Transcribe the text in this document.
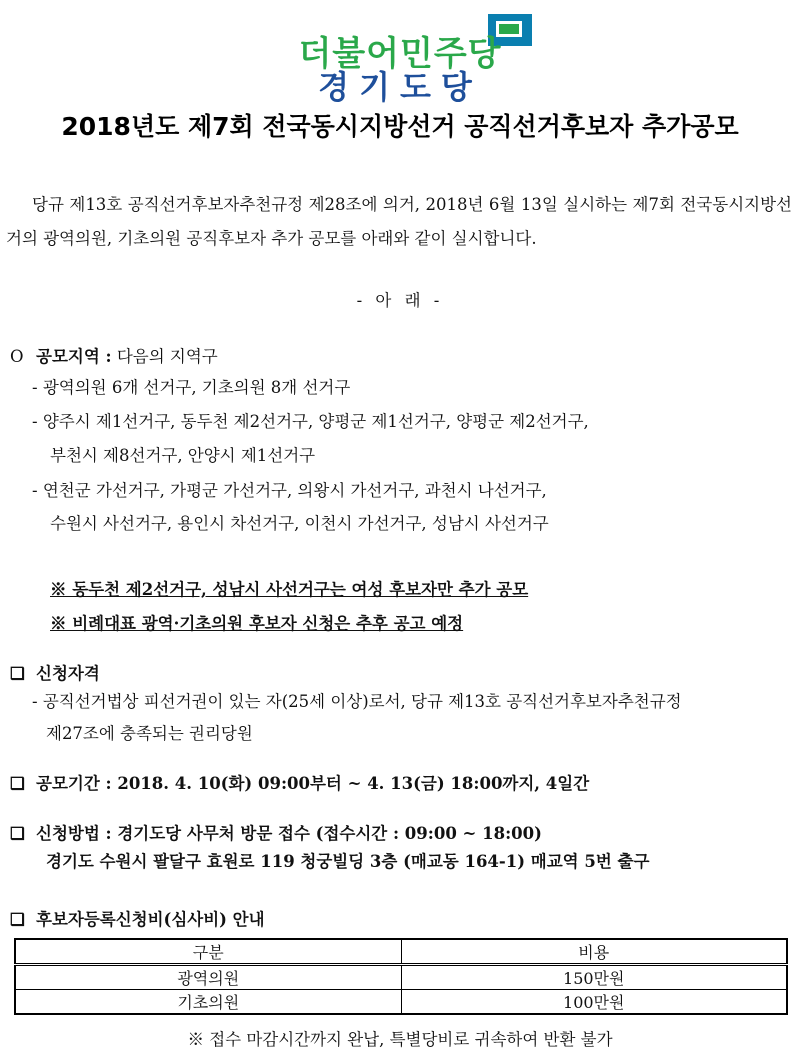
더불어민주당
경기도당
2018년도 제7회 전국동시지방선거 공직선거후보자 추가공모
당규 제13호 공직선거후보자추천규정 제28조에 의거, 2018년 6월 13일 실시하는 제7회 전국동시지방선거의 광역의원, 기초의원 공직후보자 추가 공모를 아래와 같이 실시합니다.
- 아 래 -
O 공모지역 : 다음의 지역구
- 광역의원 6개 선거구, 기초의원 8개 선거구
- 양주시 제1선거구, 동두천 제2선거구, 양평군 제1선거구, 양평군 제2선거구,
부천시 제8선거구, 안양시 제1선거구
- 연천군 가선거구, 가평군 가선거구, 의왕시 가선거구, 과천시 나선거구,
수원시 사선거구, 용인시 차선거구, 이천시 가선거구, 성남시 사선거구
※ 동두천 제2선거구, 성남시 사선거구는 여성 후보자만 추가 공모
※ 비례대표 광역·기초의원 후보자 신청은 추후 공고 예정
❑ 신청자격
- 공직선거법상 피선거권이 있는 자(25세 이상)로서, 당규 제13호 공직선거후보자추천규정
제27조에 충족되는 권리당원
❑ 공모기간 : 2018. 4. 10(화) 09:00부터 ~ 4. 13(금) 18:00까지, 4일간
❑ 신청방법 : 경기도당 사무처 방문 접수 (접수시간 : 09:00 ~ 18:00)
경기도 수원시 팔달구 효원로 119 청궁빌딩 3층 (매교동 164-1) 매교역 5번 출구
❑ 후보자등록신청비(심사비) 안내
구분	비용
광역의원	150만원
기초의원	100만원
※ 접수 마감시간까지 완납, 특별당비로 귀속하여 반환 불가
